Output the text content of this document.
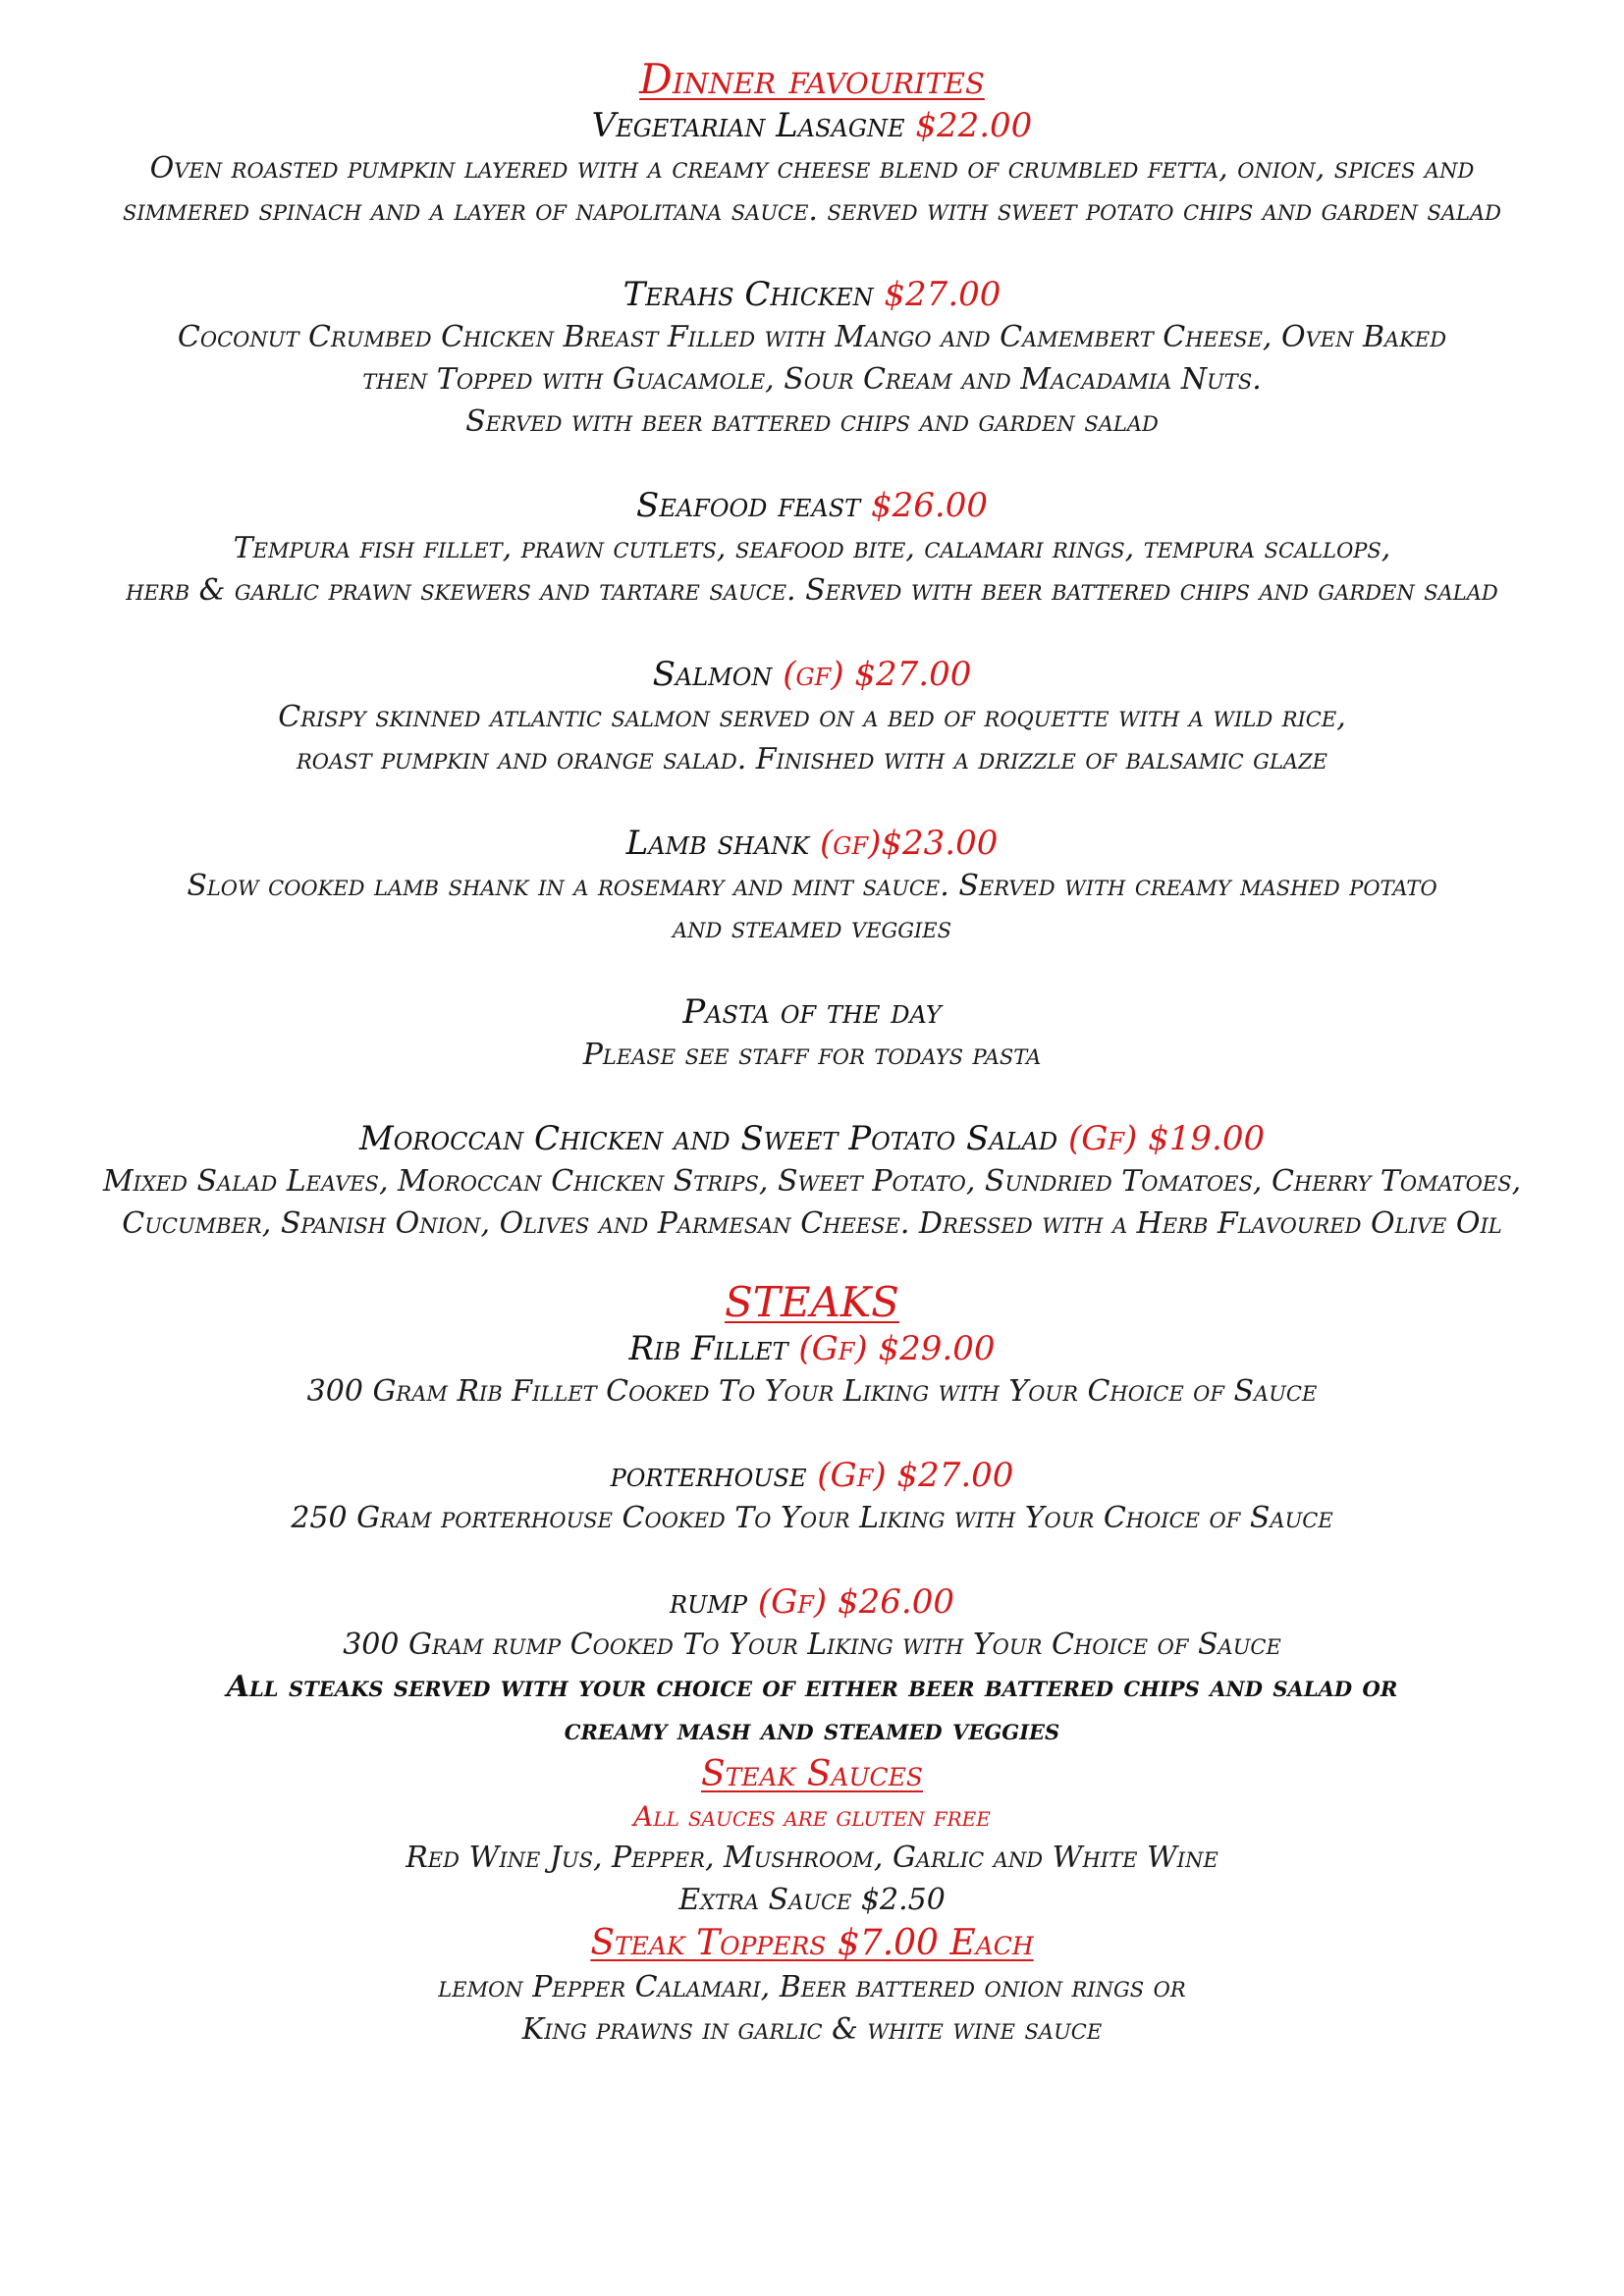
Dinner favourites
Vegetarian Lasagne $22.00
Oven roasted pumpkin layered with a creamy cheese blend of crumbled fetta, onion, spices and
simmered spinach and a layer of napolitana sauce. served with sweet potato chips and garden salad
Terahs Chicken $27.00
Coconut Crumbed Chicken Breast Filled with Mango and Camembert Cheese, Oven Baked
then Topped with Guacamole, Sour Cream and Macadamia Nuts.
Served with beer battered chips and garden salad
Seafood feast $26.00
Tempura fish fillet, prawn cutlets, seafood bite, calamari rings, tempura scallops,
herb & garlic prawn skewers and tartare sauce. Served with beer battered chips and garden salad
Salmon (gf) $27.00
Crispy skinned atlantic salmon served on a bed of roquette with a wild rice,
roast pumpkin and orange salad. Finished with a drizzle of balsamic glaze
Lamb shank (gf)$23.00
Slow cooked lamb shank in a rosemary and mint sauce. Served with creamy mashed potato
and steamed veggies
Pasta of the day
Please see staff for todays pasta
Moroccan Chicken and Sweet Potato Salad (Gf) $19.00
Mixed Salad Leaves, Moroccan Chicken Strips, Sweet Potato, Sundried Tomatoes, Cherry Tomatoes,
Cucumber, Spanish Onion, Olives and Parmesan Cheese. Dressed with a Herb Flavoured Olive Oil
STEAKS
Rib Fillet (Gf) $29.00
300 Gram Rib Fillet Cooked To Your Liking with Your Choice of Sauce
porterhouse (Gf) $27.00
250 Gram porterhouse Cooked To Your Liking with Your Choice of Sauce
rump (Gf) $26.00
300 Gram rump Cooked To Your Liking with Your Choice of Sauce
All steaks served with your choice of either beer battered chips and salad or
creamy mash and steamed veggies
Steak Sauces
All sauces are gluten free
Red Wine Jus, Pepper, Mushroom, Garlic and White Wine
Extra Sauce $2.50
Steak Toppers $7.00 Each
lemon Pepper Calamari, Beer battered onion rings or
King prawns in garlic & white wine sauce
